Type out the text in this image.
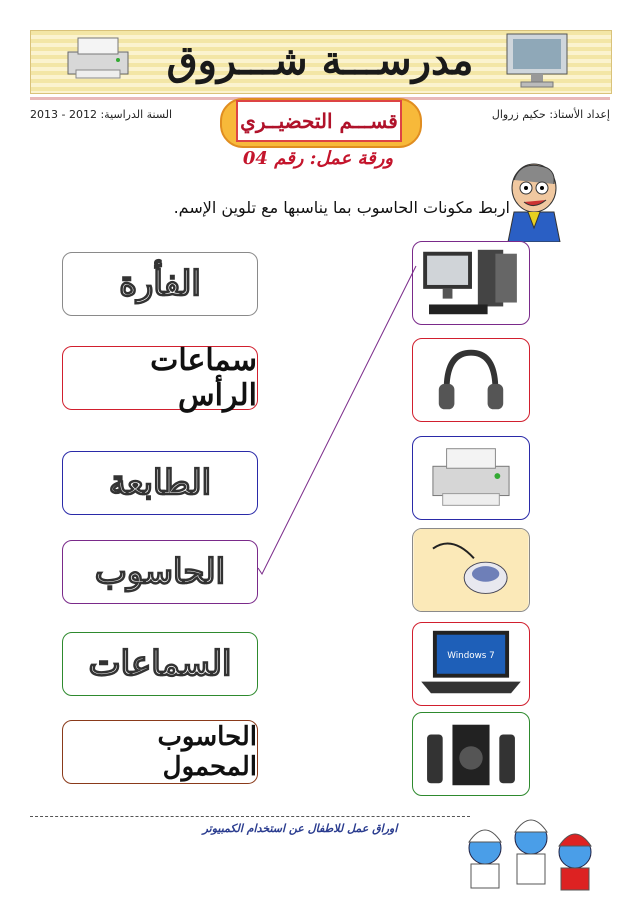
مدرســـة شـــروق
إعداد الأستاذ: حكيم زروال
السنة الدراسية: 2012 - 2013	قســـم التحضيــري
ورقة عمل: رقم 04
اربط مكونات الحاسوب بما يناسبها مع تلوين الإسم.
الفأرة
سماعات الرأس
الطابعة
الحاسوب
السماعات
الحاسوب المحمول
Windows 7
اوراق عمل للاطفال عن استخدام الكمبيوتر
